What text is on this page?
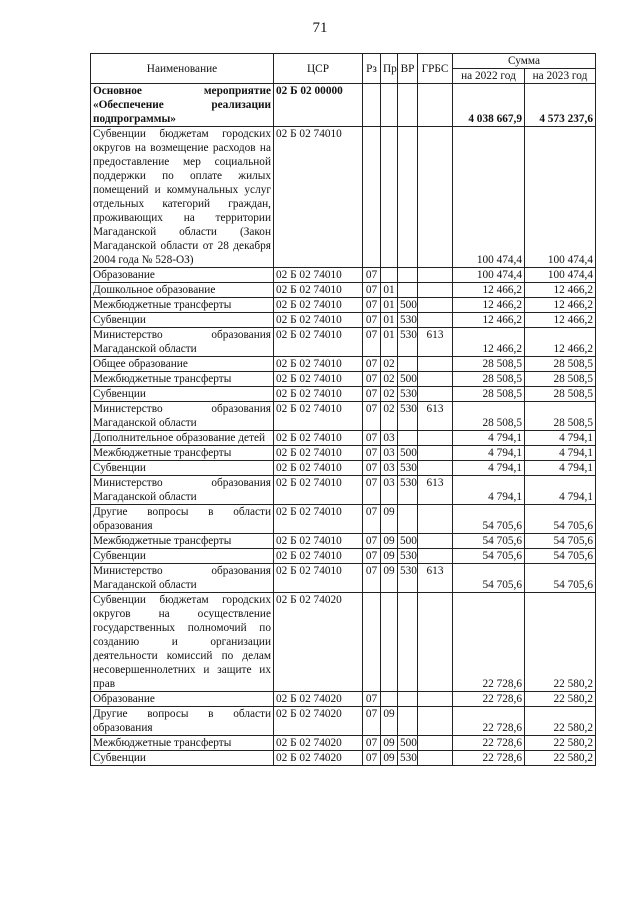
71
Наименование	ЦСР	Рз	Пр	ВР	ГРБС	Сумма	
						на 2022 год	на 2023 год
Основное мероприятие «Обеспечение реализации подпрограммы»	02 Б 02 00000					4 038 667,9	4 573 237,6
Субвенции бюджетам городских округов на возмещение расходов на предоставление мер социальной поддержки по оплате жилых помещений и коммунальных услуг отдельных категорий граждан, проживающих на территории Магаданской области (Закон Магаданской области от 28 декабря 2004 года № 528-ОЗ)	02 Б 02 74010					100 474,4	100 474,4
Образование	02 Б 02 74010	07				100 474,4	100 474,4
Дошкольное образование	02 Б 02 74010	07	01			12 466,2	12 466,2
Межбюджетные трансферты	02 Б 02 74010	07	01	500		12 466,2	12 466,2
Субвенции	02 Б 02 74010	07	01	530		12 466,2	12 466,2
Министерство образования Магаданской области	02 Б 02 74010	07	01	530	613	12 466,2	12 466,2
Общее образование	02 Б 02 74010	07	02			28 508,5	28 508,5
Межбюджетные трансферты	02 Б 02 74010	07	02	500		28 508,5	28 508,5
Субвенции	02 Б 02 74010	07	02	530		28 508,5	28 508,5
Министерство образования Магаданской области	02 Б 02 74010	07	02	530	613	28 508,5	28 508,5
Дополнительное образование детей	02 Б 02 74010	07	03			4 794,1	4 794,1
Межбюджетные трансферты	02 Б 02 74010	07	03	500		4 794,1	4 794,1
Субвенции	02 Б 02 74010	07	03	530		4 794,1	4 794,1
Министерство образования Магаданской области	02 Б 02 74010	07	03	530	613	4 794,1	4 794,1
Другие вопросы в области образования	02 Б 02 74010	07	09			54 705,6	54 705,6
Межбюджетные трансферты	02 Б 02 74010	07	09	500		54 705,6	54 705,6
Субвенции	02 Б 02 74010	07	09	530		54 705,6	54 705,6
Министерство образования Магаданской области	02 Б 02 74010	07	09	530	613	54 705,6	54 705,6
Субвенции бюджетам городских округов на осуществление государственных полномочий по созданию и организации деятельности комиссий по делам несовершеннолетних и защите их прав	02 Б 02 74020					22 728,6	22 580,2
Образование	02 Б 02 74020	07				22 728,6	22 580,2
Другие вопросы в области образования	02 Б 02 74020	07	09			22 728,6	22 580,2
Межбюджетные трансферты	02 Б 02 74020	07	09	500		22 728,6	22 580,2
Субвенции	02 Б 02 74020	07	09	530		22 728,6	22 580,2
